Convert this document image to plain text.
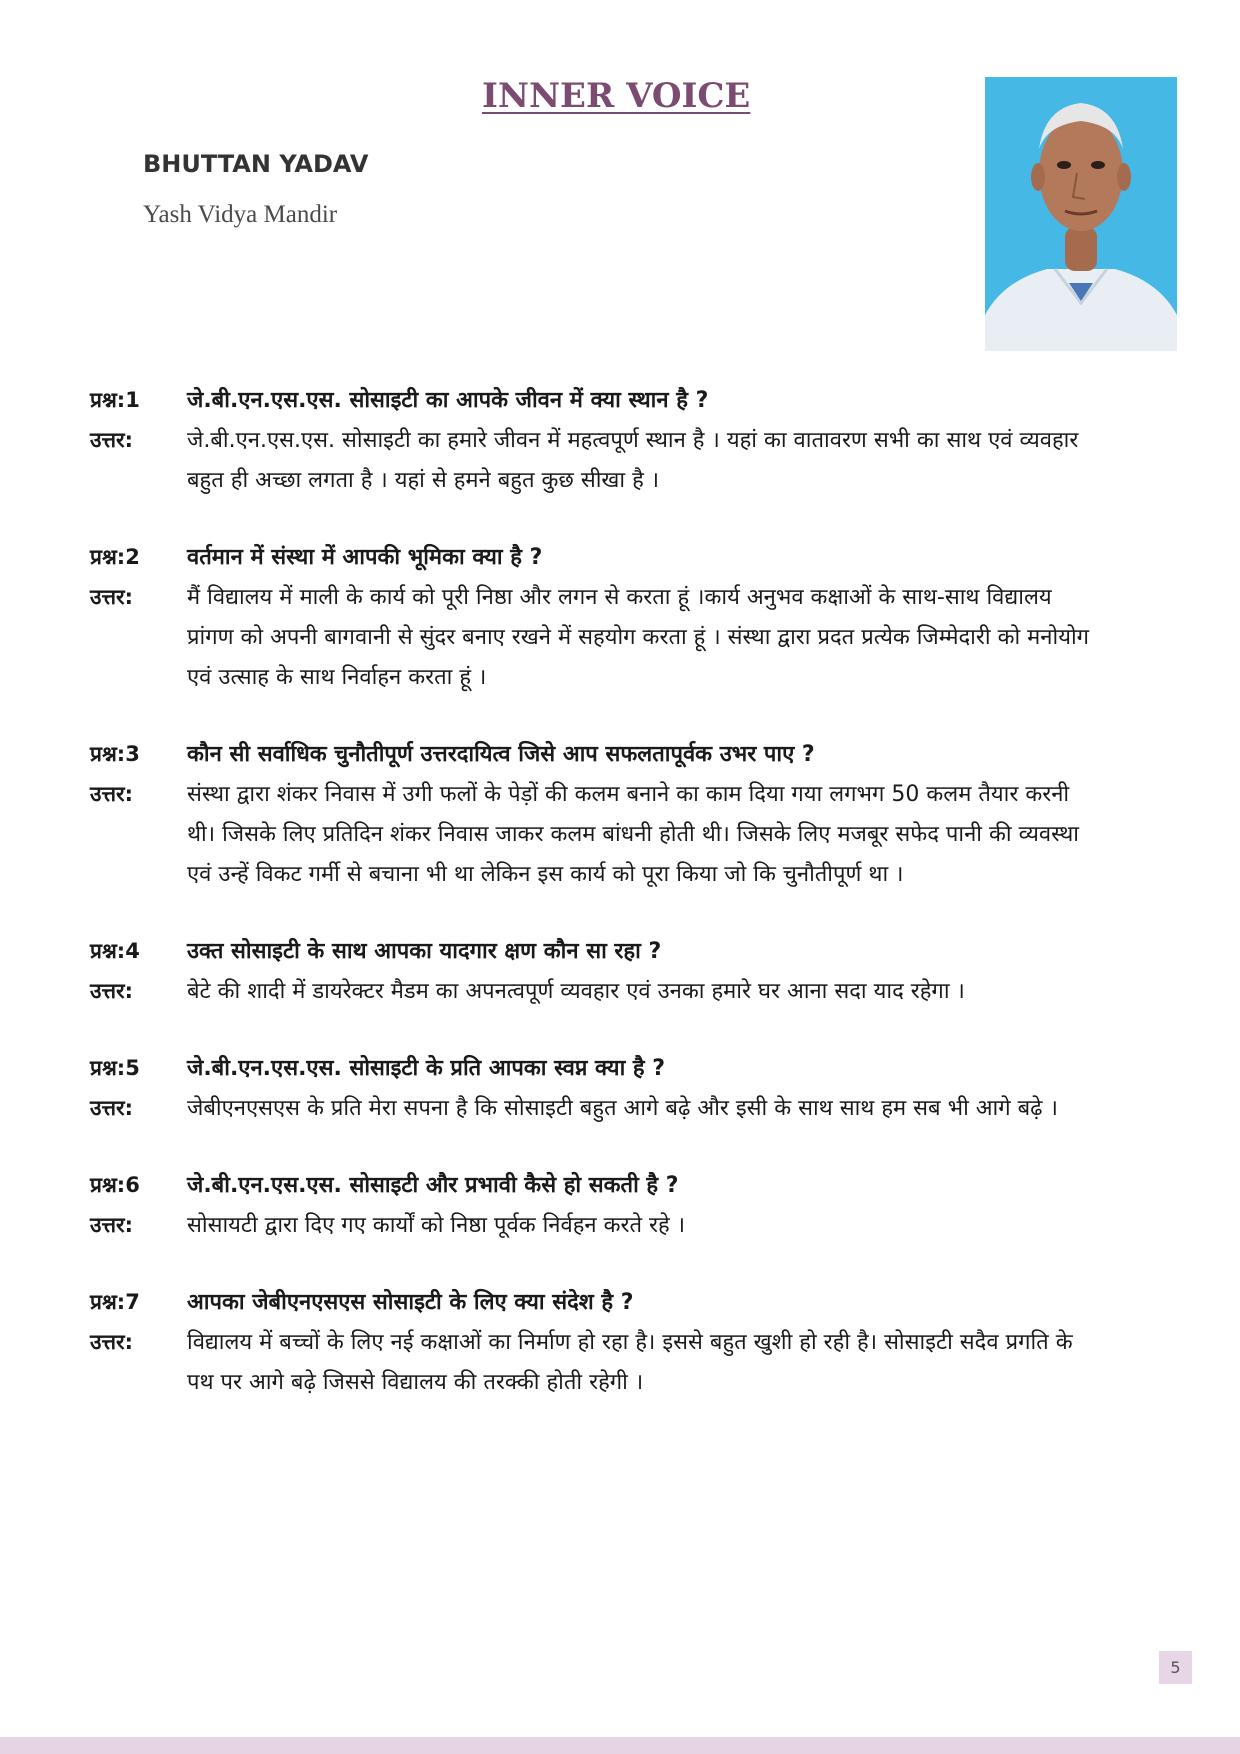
INNER VOICE
BHUTTAN YADAV
Yash Vidya Mandir
प्रश्न:1	जे.बी.एन.एस.एस. सोसाइटी का आपके जीवन में क्या स्थान है ?
उत्तर:	जे.बी.एन.एस.एस. सोसाइटी का हमारे जीवन में महत्वपूर्ण स्थान है । यहां का वातावरण सभी का साथ एवं व्यवहार बहुत ही अच्छा लगता है । यहां से हमने बहुत कुछ सीखा है ।
प्रश्न:2	वर्तमान में संस्था में आपकी भूमिका क्या है ?
उत्तर:	मैं विद्यालय में माली के कार्य को पूरी निष्ठा और लगन से करता हूं ।कार्य अनुभव कक्षाओं के साथ-साथ विद्यालय प्रांगण को अपनी बागवानी से सुंदर बनाए रखने में सहयोग करता हूं । संस्था द्वारा प्रदत प्रत्येक जिम्मेदारी को मनोयोग एवं उत्साह के साथ निर्वाहन करता हूं ।
प्रश्न:3	कौन सी सर्वाधिक चुनौतीपूर्ण उत्तरदायित्व जिसे आप सफलतापूर्वक उभर पाए ?
उत्तर:	संस्था द्वारा शंकर निवास में उगी फलों के पेड़ों की कलम बनाने का काम दिया गया लगभग 50 कलम तैयार करनी थी। जिसके लिए प्रतिदिन शंकर निवास जाकर कलम बांधनी होती थी। जिसके लिए मजबूर सफेद पानी की व्यवस्था एवं उन्हें विकट गर्मी से बचाना भी था लेकिन इस कार्य को पूरा किया जो कि चुनौतीपूर्ण था ।
प्रश्न:4	उक्त सोसाइटी के साथ आपका यादगार क्षण कौन सा रहा ?
उत्तर:	बेटे की शादी में डायरेक्टर मैडम का अपनत्वपूर्ण व्यवहार एवं उनका हमारे घर आना सदा याद रहेगा ।
प्रश्न:5	जे.बी.एन.एस.एस. सोसाइटी के प्रति आपका स्वप्न क्या है ?
उत्तर:	जेबीएनएसएस के प्रति मेरा सपना है कि सोसाइटी बहुत आगे बढ़े और इसी के साथ साथ हम सब भी आगे बढ़े ।
प्रश्न:6	जे.बी.एन.एस.एस. सोसाइटी और प्रभावी कैसे हो सकती है ?
उत्तर:	सोसायटी द्वारा दिए गए कार्यों को निष्ठा पूर्वक निर्वहन करते रहे ।
प्रश्न:7	आपका जेबीएनएसएस सोसाइटी के लिए क्या संदेश है ?
उत्तर:	विद्यालय में बच्चों के लिए नई कक्षाओं का निर्माण हो रहा है। इससे बहुत खुशी हो रही है। सोसाइटी सदैव प्रगति के पथ पर आगे बढ़े जिससे विद्यालय की तरक्की होती रहेगी ।
5
